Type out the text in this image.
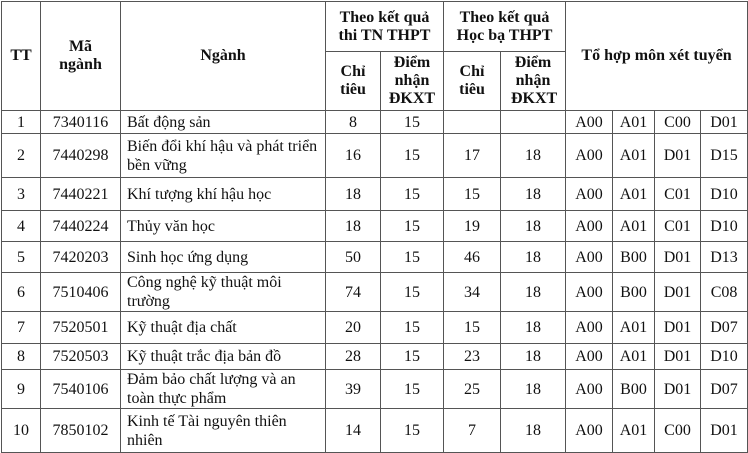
TT	Mã ngành	Ngành	Theo kết quả thi TN THPT		Theo kết quả Học bạ THPT		Tổ hợp môn xét tuyển			
			Chỉ tiêu	Điểm nhận ĐKXT	Chỉ tiêu	Điểm nhận ĐKXT				
1	7340116	Bất động sản	8	15			A00	A01	C00	D01
2	7440298	Biến đổi khí hậu và phát triển bền vững	16	15	17	18	A00	A01	D01	D15
3	7440221	Khí tượng khí hậu học	18	15	15	18	A00	A01	C01	D10
4	7440224	Thủy văn học	18	15	19	18	A00	A01	C01	D10
5	7420203	Sinh học ứng dụng	50	15	46	18	A00	B00	D01	D13
6	7510406	Công nghệ kỹ thuật môi trường	74	15	34	18	A00	B00	D01	C08
7	7520501	Kỹ thuật địa chất	20	15	15	18	A00	A01	D01	D07
8	7520503	Kỹ thuật trắc địa bản đồ	28	15	23	18	A00	A01	D01	D10
9	7540106	Đảm bảo chất lượng và an toàn thực phẩm	39	15	25	18	A00	B00	D01	D07
10	7850102	Kinh tế Tài nguyên thiên nhiên	14	15	7	18	A00	A01	C00	D01
